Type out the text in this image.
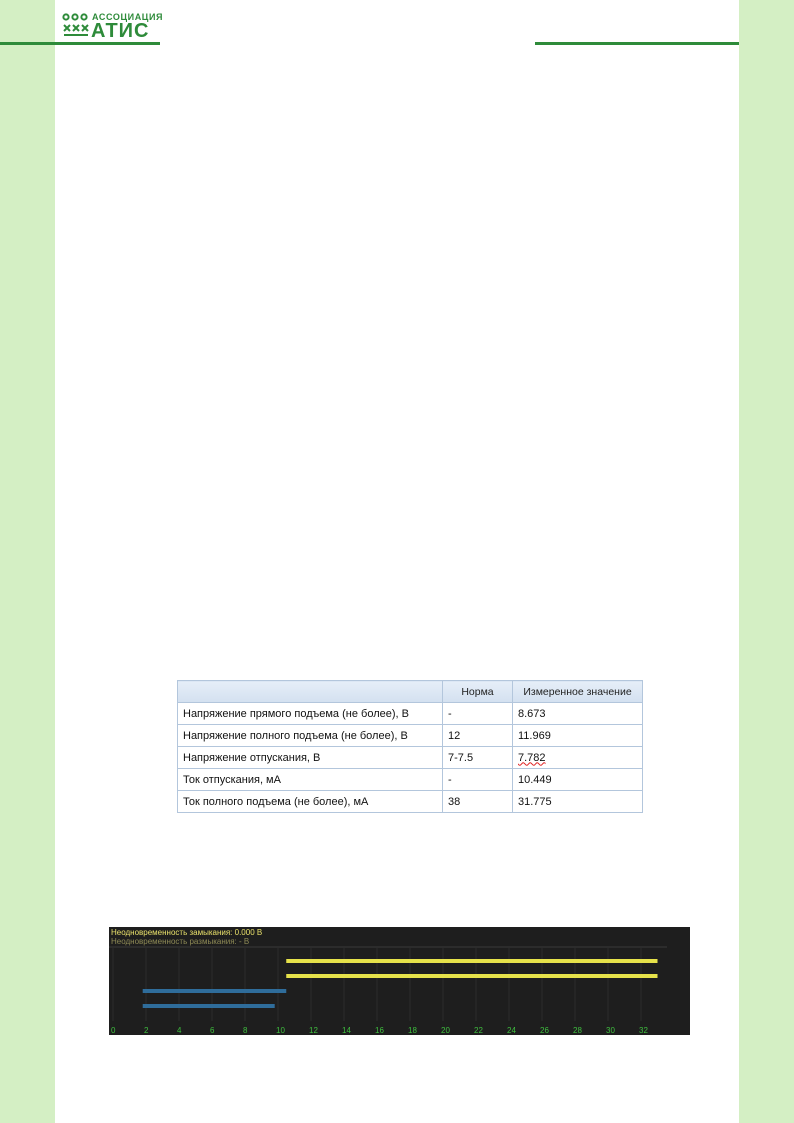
АССОЦИАЦИЯ
АТИС
	Норма	Измеренное значение
Напряжение прямого подъема (не более), В	-	8.673
Напряжение полного подъема (не более), В	12	11.969
Напряжение отпускания, В	7-7.5	7.782
Ток отпускания, мА	-	10.449
Ток полного подъема (не более), мА	38	31.775
0	2	4	6	8	10	12	14	16	18	20	22	24	26	28	30	32
Неодновременность замыкания: 0.000 В
Неодновременность размыкания: - В
